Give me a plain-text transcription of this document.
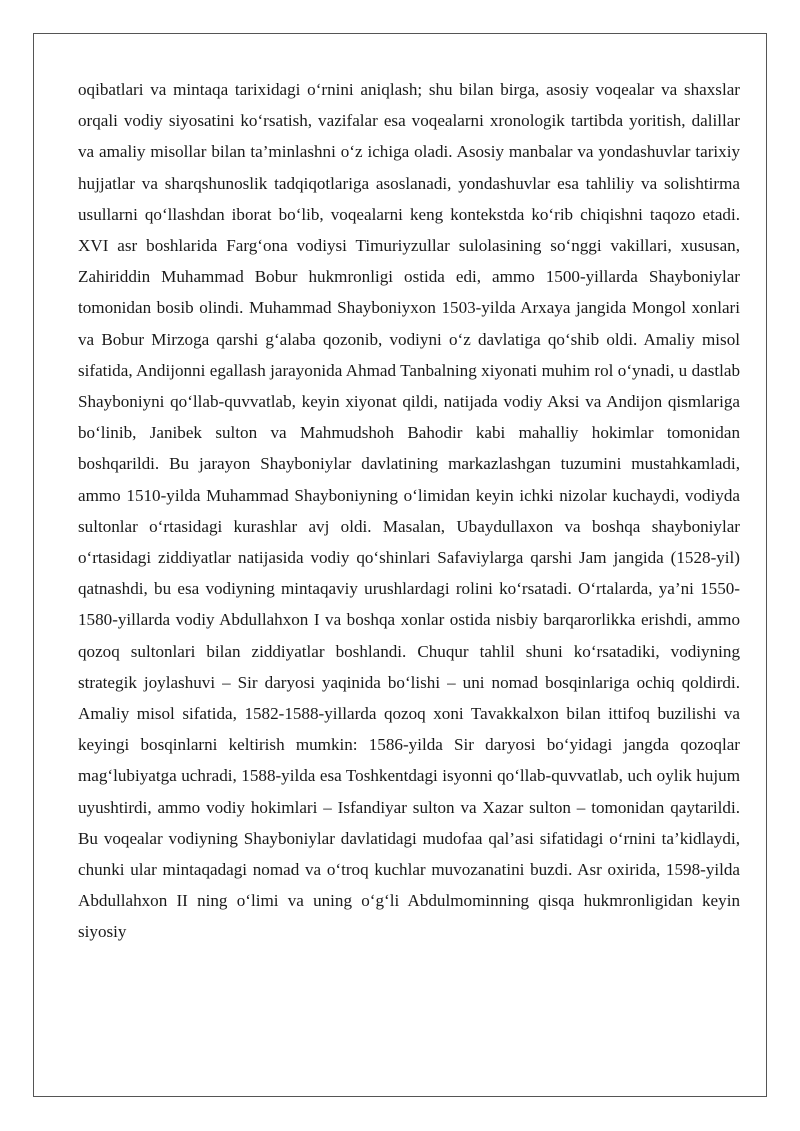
oqibatlari va mintaqa tarixidagi o‘rnini aniqlash; shu bilan birga, asosiy voqealar va shaxslar orqali vodiy siyosatini ko‘rsatish, vazifalar esa voqealarni xronologik tartibda yoritish, dalillar va amaliy misollar bilan ta’minlashni o‘z ichiga oladi. Asosiy manbalar va yondashuvlar tarixiy hujjatlar va sharqshunoslik tadqiqotlariga asoslanadi, yondashuvlar esa tahliliy va solishtirma usullarni qo‘llashdan iborat bo‘lib, voqealarni keng kontekstda ko‘rib chiqishni taqozo etadi. XVI asr boshlarida Farg‘ona vodiysi Timuriyzullar sulolasining so‘nggi vakillari, xususan, Zahiriddin Muhammad Bobur hukmronligi ostida edi, ammo 1500-yillarda Shayboniylar tomonidan bosib olindi. Muhammad Shayboniyxon 1503-yilda Arxaya jangida Mongol xonlari va Bobur Mirzoga qarshi g‘alaba qozonib, vodiyni o‘z davlatiga qo‘shib oldi. Amaliy misol sifatida, Andijonni egallash jarayonida Ahmad Tanbalning xiyonati muhim rol o‘ynadi, u dastlab Shayboniyni qo‘llab-quvvatlab, keyin xiyonat qildi, natijada vodiy Aksi va Andijon qismlariga bo‘linib, Janibek sulton va Mahmudshoh Bahodir kabi mahalliy hokimlar tomonidan boshqarildi. Bu jarayon Shayboniylar davlatining markazlashgan tuzumini mustahkamladi, ammo 1510-yilda Muhammad Shayboniyning o‘limidan keyin ichki nizolar kuchaydi, vodiyda sultonlar o‘rtasidagi kurashlar avj oldi. Masalan, Ubaydullaxon va boshqa shayboniylar o‘rtasidagi ziddiyatlar natijasida vodiy qo‘shinlari Safaviylarga qarshi Jam jangida (1528-yil) qatnashdi, bu esa vodiyning mintaqaviy urushlardagi rolini ko‘rsatadi. O‘rtalarda, ya’ni 1550-1580-yillarda vodiy Abdullahxon I va boshqa xonlar ostida nisbiy barqarorlikka erishdi, ammo qozoq sultonlari bilan ziddiyatlar boshlandi. Chuqur tahlil shuni ko‘rsatadiki, vodiyning strategik joylashuvi – Sir daryosi yaqinida bo‘lishi – uni nomad bosqinlariga ochiq qoldirdi. Amaliy misol sifatida, 1582-1588-yillarda qozoq xoni Tavakkalxon bilan ittifoq buzilishi va keyingi bosqinlarni keltirish mumkin: 1586-yilda Sir daryosi bo‘yidagi jangda qozoqlar mag‘lubiyatga uchradi, 1588-yilda esa Toshkentdagi isyonni qo‘llab-quvvatlab, uch oylik hujum uyushtirdi, ammo vodiy hokimlari – Isfandiyar sulton va Xazar sulton – tomonidan qaytarildi. Bu voqealar vodiyning Shayboniylar davlatidagi mudofaa qal’asi sifatidagi o‘rnini ta’kidlaydi, chunki ular mintaqadagi nomad va o‘troq kuchlar muvozanatini buzdi. Asr oxirida, 1598-yilda Abdullahxon II ning o‘limi va uning o‘g‘li Abdulmominning qisqa hukmronligidan keyin siyosiy
